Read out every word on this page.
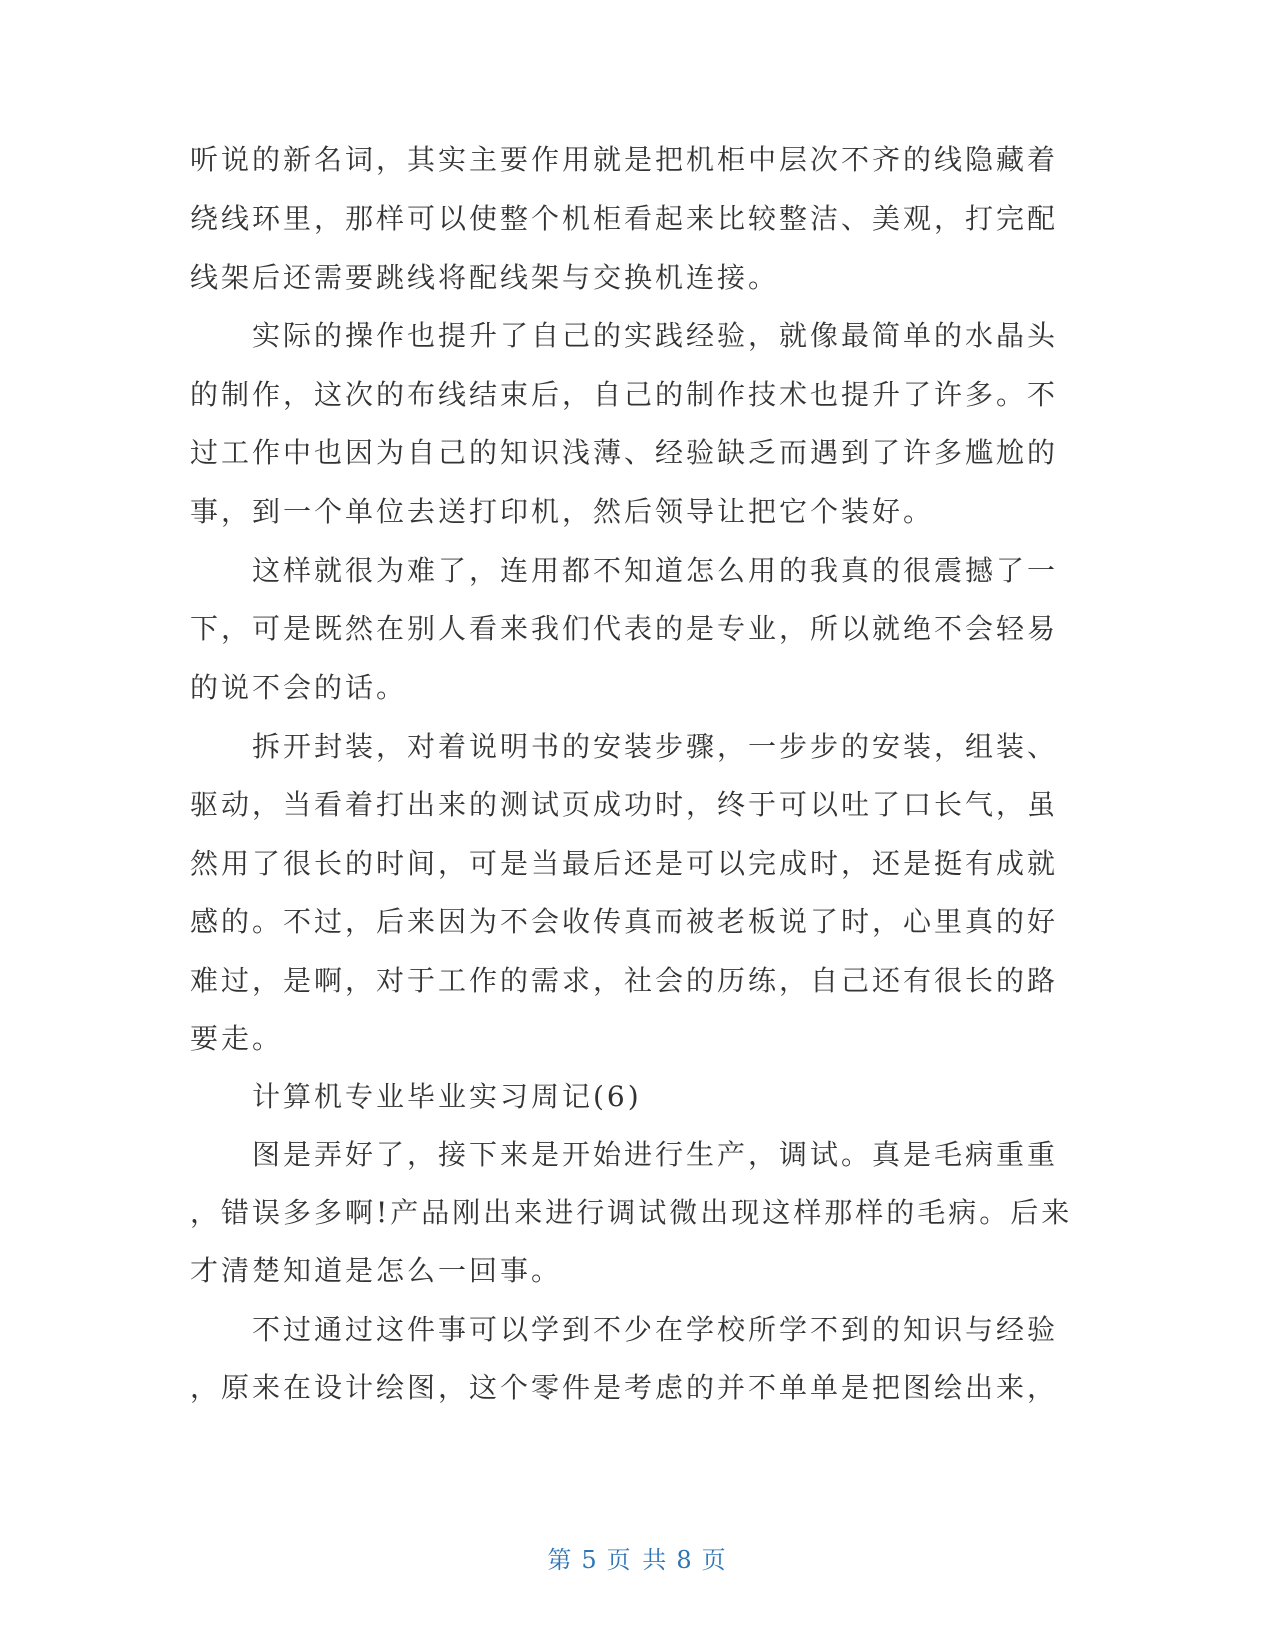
听说的新名词，其实主要作用就是把机柜中层次不齐的线隐藏着
绕线环里，那样可以使整个机柜看起来比较整洁、美观，打完配
线架后还需要跳线将配线架与交换机连接。
实际的操作也提升了自己的实践经验，就像最简单的水晶头
的制作，这次的布线结束后，自己的制作技术也提升了许多。不
过工作中也因为自己的知识浅薄、经验缺乏而遇到了许多尴尬的
事，到一个单位去送打印机，然后领导让把它个装好。
这样就很为难了，连用都不知道怎么用的我真的很震撼了一
下，可是既然在别人看来我们代表的是专业，所以就绝不会轻易
的说不会的话。
拆开封装，对着说明书的安装步骤，一步步的安装，组装、
驱动，当看着打出来的测试页成功时，终于可以吐了口长气，虽
然用了很长的时间，可是当最后还是可以完成时，还是挺有成就
感的。不过，后来因为不会收传真而被老板说了时，心里真的好
难过，是啊，对于工作的需求，社会的历练，自己还有很长的路
要走。
计算机专业毕业实习周记(6)
图是弄好了，接下来是开始进行生产，调试。真是毛病重重
，错误多多啊!产品刚出来进行调试微出现这样那样的毛病。后来
才清楚知道是怎么一回事。
不过通过这件事可以学到不少在学校所学不到的知识与经验
，原来在设计绘图，这个零件是考虑的并不单单是把图绘出来，
第 5 页 共 8 页
